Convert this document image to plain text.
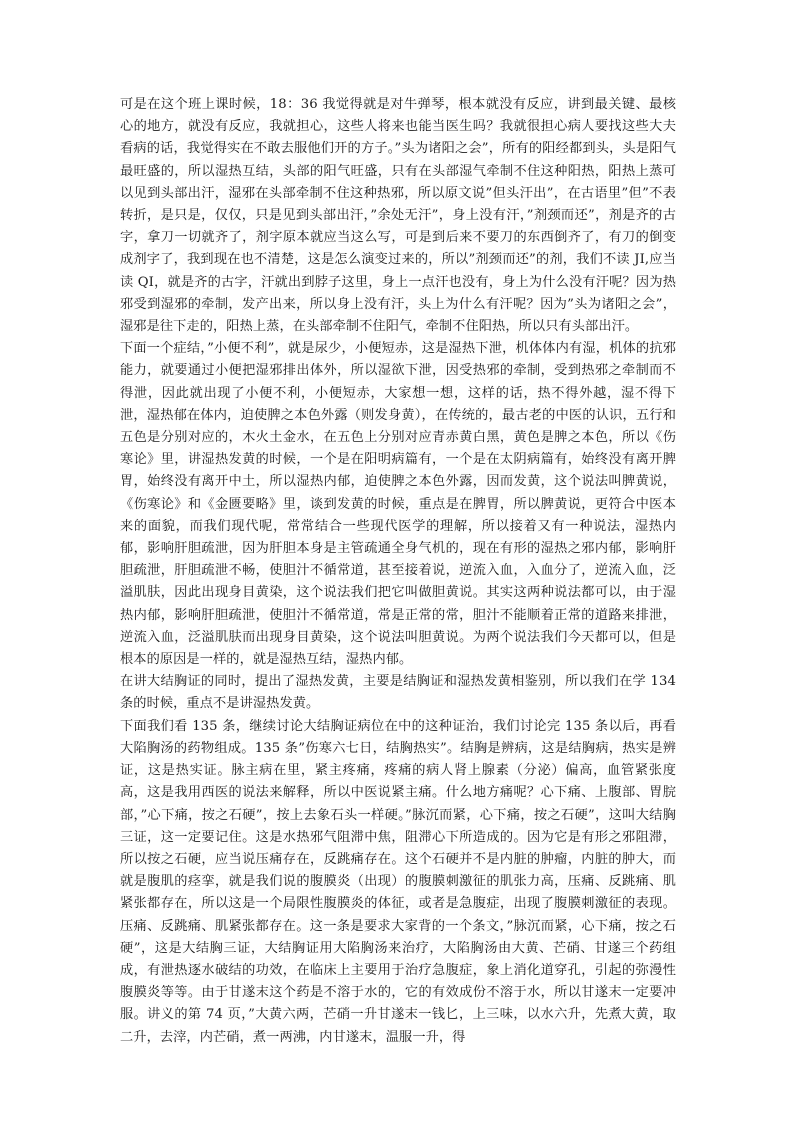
可是在这个班上课时候，18：36 我觉得就是对牛弹琴，根本就没有反应，讲到最关键、最核心的地方，就没有反应，我就担心，这些人将来也能当医生吗？我就很担心病人要找这些大夫看病的话，我觉得实在不敢去服他们开的方子。”头为诸阳之会”，所有的阳经都到头，头是阳气最旺盛的，所以湿热互结，头部的阳气旺盛，只有在头部湿气牵制不住这种阳热，阳热上蒸可以见到头部出汗，湿邪在头部牵制不住这种热邪，所以原文说”但头汗出”，在古语里”但”不表转折，是只是，仅仅，只是见到头部出汗，”余处无汗”，身上没有汗，”剂颈而还”，剂是齐的古字，拿刀一切就齐了，剂字原本就应当这么写，可是到后来不要刀的东西倒齐了，有刀的倒变成剂字了，我到现在也不清楚，这是怎么演变过来的，所以”剂颈而还”的剂，我们不读 JI,应当读 QI，就是齐的古字，汗就出到脖子这里，身上一点汗也没有，身上为什么没有汗呢？因为热邪受到湿邪的牵制，发产出来，所以身上没有汗，头上为什么有汗呢？因为”头为诸阳之会”，湿邪是往下走的，阳热上蒸，在头部牵制不住阳气，牵制不住阳热，所以只有头部出汗。

下面一个症结，”小便不利”，就是尿少，小便短赤，这是湿热下泄，机体体内有湿，机体的抗邪能力，就要通过小便把湿邪排出体外，所以湿欲下泄，因受热邪的牵制，受到热邪之牵制而不得泄，因此就出现了小便不利，小便短赤，大家想一想，这样的话，热不得外越，湿不得下泄，湿热郁在体内，迫使脾之本色外露（则发身黄），在传统的，最古老的中医的认识，五行和五色是分别对应的，木火土金水，在五色上分别对应青赤黄白黑，黄色是脾之本色，所以《伤寒论》里，讲湿热发黄的时候，一个是在阳明病篇有，一个是在太阴病篇有，始终没有离开脾胃，始终没有离开中土，所以湿热内郁，迫使脾之本色外露，因而发黄，这个说法叫脾黄说，《伤寒论》和《金匮要略》里，谈到发黄的时候，重点是在脾胃，所以脾黄说，更符合中医本来的面貌，而我们现代呢，常常结合一些现代医学的理解，所以接着又有一种说法，湿热内郁，影响肝胆疏泄，因为肝胆本身是主管疏通全身气机的，现在有形的湿热之邪内郁，影响肝胆疏泄，肝胆疏泄不畅，使胆汁不循常道，甚至接着说，逆流入血，入血分了，逆流入血，泛溢肌肤，因此出现身目黄染，这个说法我们把它叫做胆黄说。其实这两种说法都可以，由于湿热内郁，影响肝胆疏泄，使胆汁不循常道，常是正常的常，胆汁不能顺着正常的道路来排泄，逆流入血，泛溢肌肤而出现身目黄染，这个说法叫胆黄说。为两个说法我们今天都可以，但是根本的原因是一样的，就是湿热互结，湿热内郁。

在讲大结胸证的同时，提出了湿热发黄，主要是结胸证和湿热发黄相鉴别，所以我们在学 134 条的时候，重点不是讲湿热发黄。

下面我们看 135 条，继续讨论大结胸证病位在中的这种证治，我们讨论完 135 条以后，再看大陷胸汤的药物组成。135 条”伤寒六七日，结胸热实”。结胸是辨病，这是结胸病，热实是辨证，这是热实证。脉主病在里，紧主疼痛，疼痛的病人肾上腺素（分泌）偏高，血管紧张度高，这是我用西医的说法来解释，所以中医说紧主痛。什么地方痛呢？心下痛、上腹部、胃脘部，”心下痛，按之石硬”，按上去象石头一样硬。”脉沉而紧，心下痛，按之石硬”，这叫大结胸三证，这一定要记住。这是水热邪气阻滞中焦，阻滞心下所造成的。因为它是有形之邪阻滞，所以按之石硬，应当说压痛存在，反跳痛存在。这个石硬并不是内脏的肿瘤，内脏的肿大，而就是腹肌的痉挛，就是我们说的腹膜炎（出现）的腹膜刺激征的肌张力高，压痛、反跳痛、肌紧张都存在，所以这是一个局限性腹膜炎的体征，或者是急腹症，出现了腹膜刺激征的表现。压痛、反跳痛、肌紧张都存在。这一条是要求大家背的一个条文，”脉沉而紧，心下痛，按之石硬”，这是大结胸三证，大结胸证用大陷胸汤来治疗，大陷胸汤由大黄、芒硝、甘遂三个药组成，有泄热逐水破结的功效，在临床上主要用于治疗急腹症，象上消化道穿孔，引起的弥漫性腹膜炎等等。由于甘遂末这个药是不溶于水的，它的有效成份不溶于水，所以甘遂末一定要冲服。讲义的第 74 页，”大黄六两，芒硝一升甘遂末一钱匕，上三味，以水六升，先煮大黄，取二升，去滓，内芒硝，煮一两沸，内甘遂末，温服一升，得
